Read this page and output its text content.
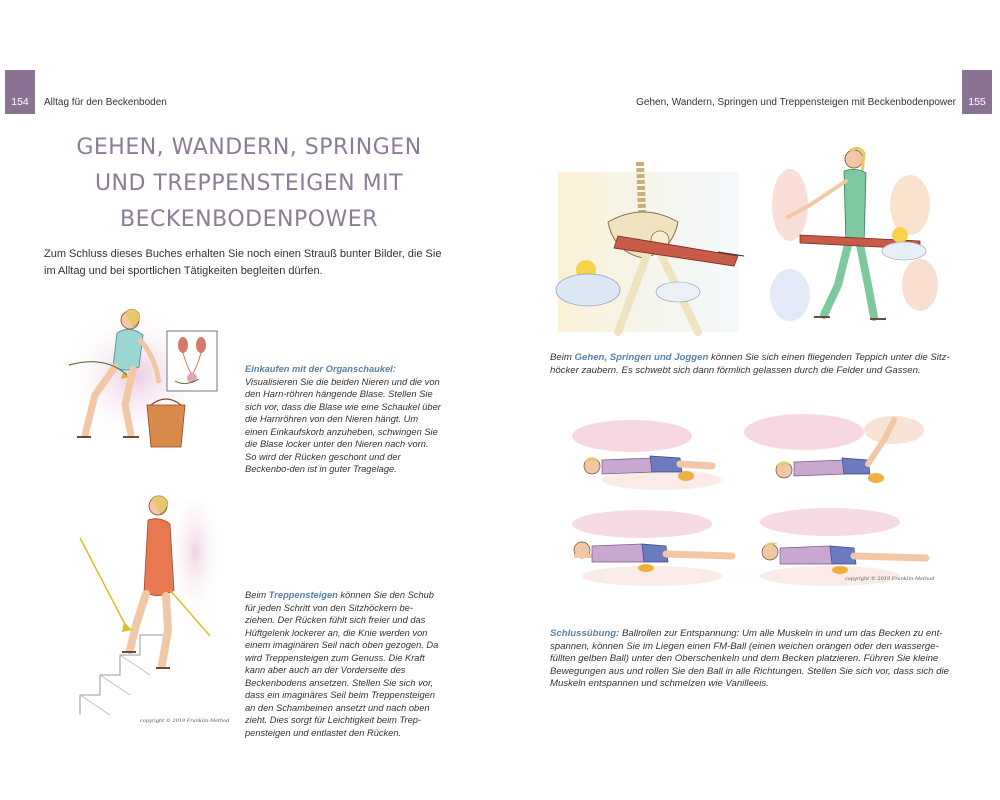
154 Alltag für den Beckenboden	155
Gehen, Wandern, Springen und Treppensteigen mit Beckenbodenpower
GEHEN, WANDERN, SPRINGEN
UND TREPPENSTEIGEN MIT
BECKENBODENPOWER
Zum Schluss dieses Buches erhalten Sie noch einen Strauß bunter Bilder, die Sie im Alltag und bei sportlichen Tätigkeiten begleiten dürfen.
Einkaufen mit der Organschaukel: Visualisieren Sie die beiden Nieren und die von den Harn-röhren hängende Blase. Stellen Sie sich vor, dass die Blase wie eine Schaukel über die Harnröhren von den Nieren hängt. Um einen Einkaufskorb anzuheben, schwingen Sie die Blase locker unter den Nieren nach vorn. So wird der Rücken geschont und der Beckenbo-den ist in guter Tragelage.
copyright © 2019 Franklin-Method
Beim Treppensteigen können Sie den Schub für jeden Schritt von den Sitzhöckern be-ziehen. Der Rücken fühlt sich freier und das Hüftgelenk lockerer an, die Knie werden von einem imaginären Seil nach oben gezogen. Da wird Treppensteigen zum Genuss. Die Kraft kann aber auch an der Vorderseite des Beckenbodens ansetzen. Stellen Sie sich vor, dass ein imaginäres Seil beim Treppensteigen an den Schambeinen ansetzt und nach oben zieht. Dies sorgt für Leichtigkeit beim Trep-pensteigen und entlastet den Rücken.
Beim Gehen, Springen und Joggen können Sie sich einen fliegenden Teppich unter die Sitz-höcker zaubern. Es schwebt sich dann förmlich gelassen durch die Felder und Gassen.
copyright © 2019 Franklin-Method
Schlussübung: Ballrollen zur Entspannung: Um alle Muskeln in und um das Becken zu ent-spannen, können Sie im Liegen einen FM-Ball (einen weichen orangen oder den wasserge-füllten gelben Ball) unter den Oberschenkeln und dem Becken platzieren. Führen Sie kleine Bewegungen aus und rollen Sie den Ball in alle Richtungen. Stellen Sie sich vor, dass sich die Muskeln entspannen und schmelzen wie Vanilleeis.
